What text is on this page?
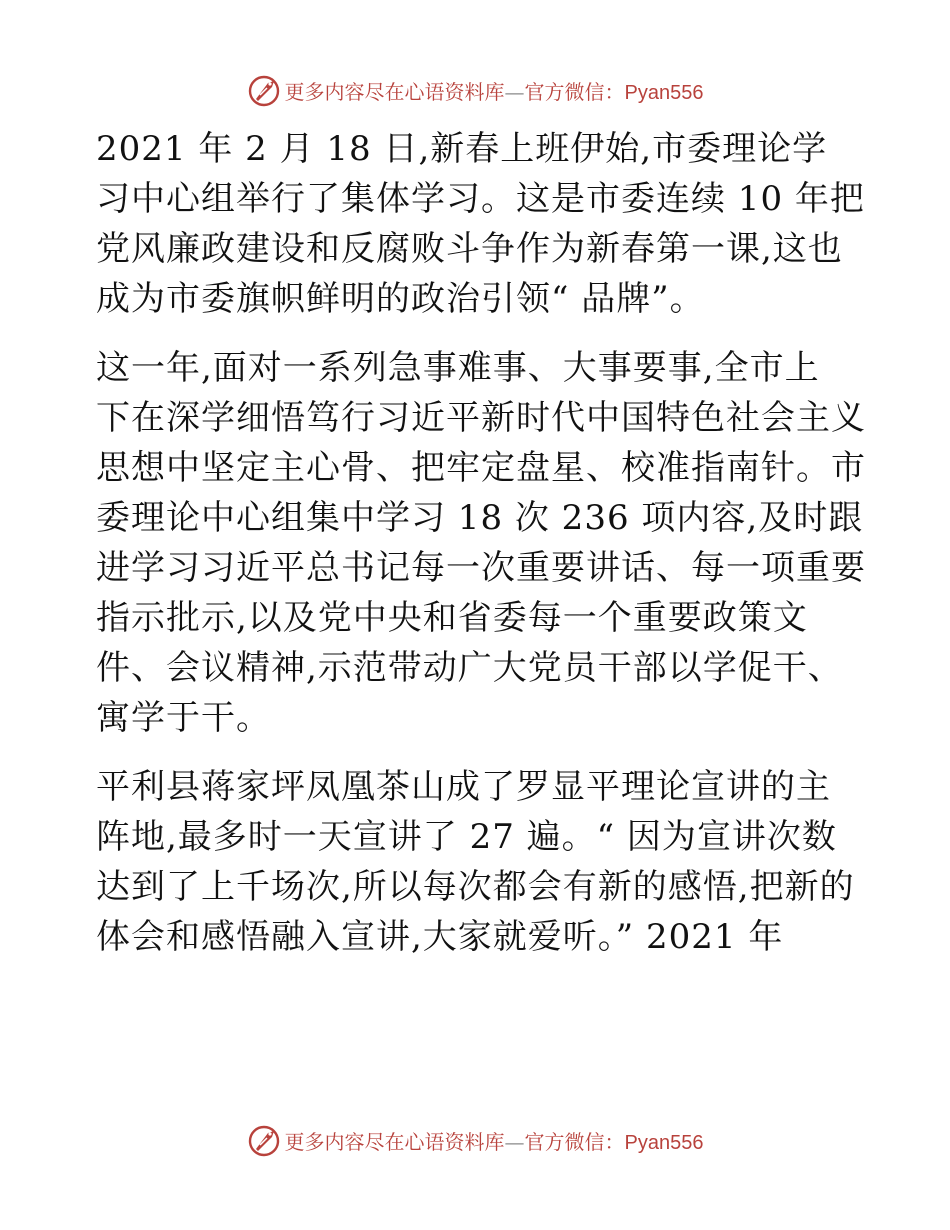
更多内容尽在心语资料库—官方微信：Pyan556
2021 年 2 月 18 日,新春上班伊始,市委理论学
习中心组举行了集体学习。这是市委连续 10 年把
党风廉政建设和反腐败斗争作为新春第一课,这也
成为市委旗帜鲜明的政治引领“ 品牌”。
这一年,面对一系列急事难事、大事要事,全市上
下在深学细悟笃行习近平新时代中国特色社会主义
思想中坚定主心骨、把牢定盘星、校准指南针。市
委理论中心组集中学习 18 次 236 项内容,及时跟
进学习习近平总书记每一次重要讲话、每一项重要
指示批示,以及党中央和省委每一个重要政策文
件、会议精神,示范带动广大党员干部以学促干、
寓学于干。
平利县蒋家坪凤凰茶山成了罗显平理论宣讲的主
阵地,最多时一天宣讲了 27 遍。“ 因为宣讲次数
达到了上千场次,所以每次都会有新的感悟,把新的
体会和感悟融入宣讲,大家就爱听。” 2021 年
更多内容尽在心语资料库—官方微信：Pyan556
